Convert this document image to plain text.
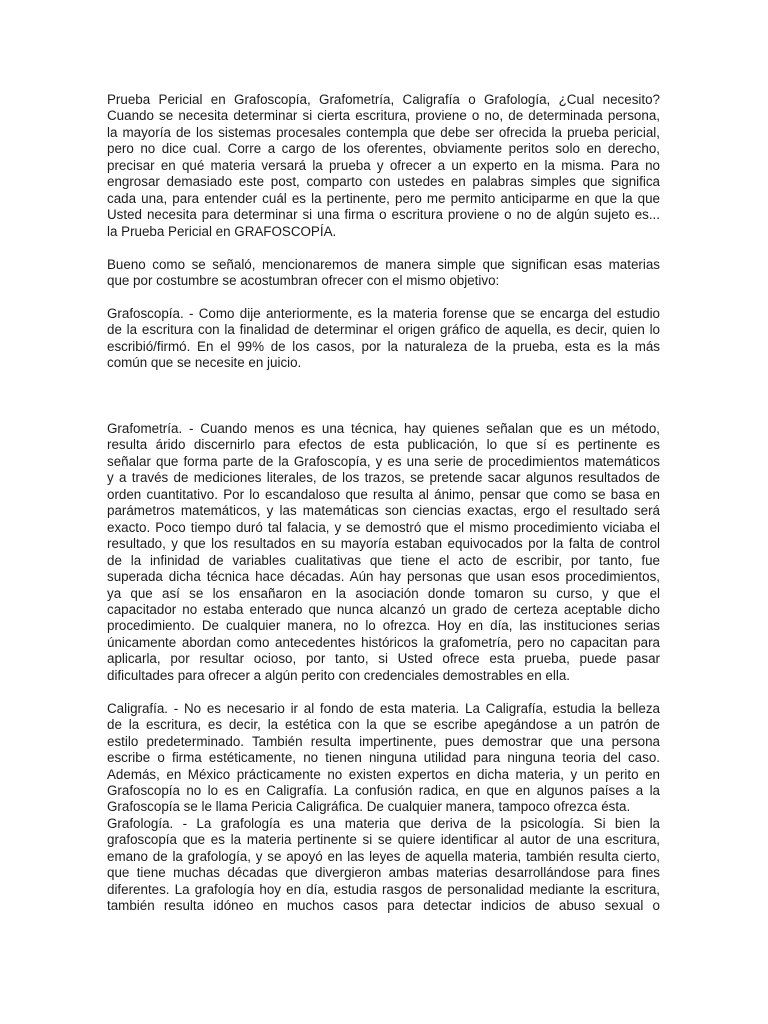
Prueba Pericial en Grafoscopía, Grafometría, Caligrafía o Grafología, ¿Cual necesito?
Cuando se necesita determinar si cierta escritura, proviene o no, de determinada persona,
la mayoría de los sistemas procesales contempla que debe ser ofrecida la prueba pericial,
pero no dice cual. Corre a cargo de los oferentes, obviamente peritos solo en derecho,
precisar en qué materia versará la prueba y ofrecer a un experto en la misma. Para no
engrosar demasiado este post, comparto con ustedes en palabras simples que significa
cada una, para entender cuál es la pertinente, pero me permito anticiparme en que la que
Usted necesita para determinar si una firma o escritura proviene o no de algún sujeto es...
la Prueba Pericial en GRAFOSCOPÍA.
Bueno como se señaló, mencionaremos de manera simple que significan esas materias
que por costumbre se acostumbran ofrecer con el mismo objetivo:
Grafoscopía. - Como dije anteriormente, es la materia forense que se encarga del estudio
de la escritura con la finalidad de determinar el origen gráfico de aquella, es decir, quien lo
escribió/firmó. En el 99% de los casos, por la naturaleza de la prueba, esta es la más
común que se necesite en juicio.
Grafometría. - Cuando menos es una técnica, hay quienes señalan que es un método,
resulta árido discernirlo para efectos de esta publicación, lo que sí es pertinente es
señalar que forma parte de la Grafoscopía, y es una serie de procedimientos matemáticos
y a través de mediciones literales, de los trazos, se pretende sacar algunos resultados de
orden cuantitativo. Por lo escandaloso que resulta al ánimo, pensar que como se basa en
parámetros matemáticos, y las matemáticas son ciencias exactas, ergo el resultado será
exacto. Poco tiempo duró tal falacia, y se demostró que el mismo procedimiento viciaba el
resultado, y que los resultados en su mayoría estaban equivocados por la falta de control
de la infinidad de variables cualitativas que tiene el acto de escribir, por tanto, fue
superada dicha técnica hace décadas. Aún hay personas que usan esos procedimientos,
ya que así se los ensañaron en la asociación donde tomaron su curso, y que el
capacitador no estaba enterado que nunca alcanzó un grado de certeza aceptable dicho
procedimiento. De cualquier manera, no lo ofrezca. Hoy en día, las instituciones serias
únicamente abordan como antecedentes históricos la grafometría, pero no capacitan para
aplicarla, por resultar ocioso, por tanto, si Usted ofrece esta prueba, puede pasar
dificultades para ofrecer a algún perito con credenciales demostrables en ella.
Caligrafía. - No es necesario ir al fondo de esta materia. La Caligrafía, estudia la belleza
de la escritura, es decir, la estética con la que se escribe apegándose a un patrón de
estilo predeterminado. También resulta impertinente, pues demostrar que una persona
escribe o firma estéticamente, no tienen ninguna utilidad para ninguna teoria del caso.
Además, en México prácticamente no existen expertos en dicha materia, y un perito en
Grafoscopía no lo es en Caligrafía. La confusión radica, en que en algunos países a la
Grafoscopía se le llama Pericia Caligráfica. De cualquier manera, tampoco ofrezca ésta.
Grafología. - La grafología es una materia que deriva de la psicología. Si bien la
grafoscopía que es la materia pertinente si se quiere identificar al autor de una escritura,
emano de la grafología, y se apoyó en las leyes de aquella materia, también resulta cierto,
que tiene muchas décadas que divergieron ambas materias desarrollándose para fines
diferentes. La grafología hoy en día, estudia rasgos de personalidad mediante la escritura,
también resulta idóneo en muchos casos para detectar indicios de abuso sexual o
